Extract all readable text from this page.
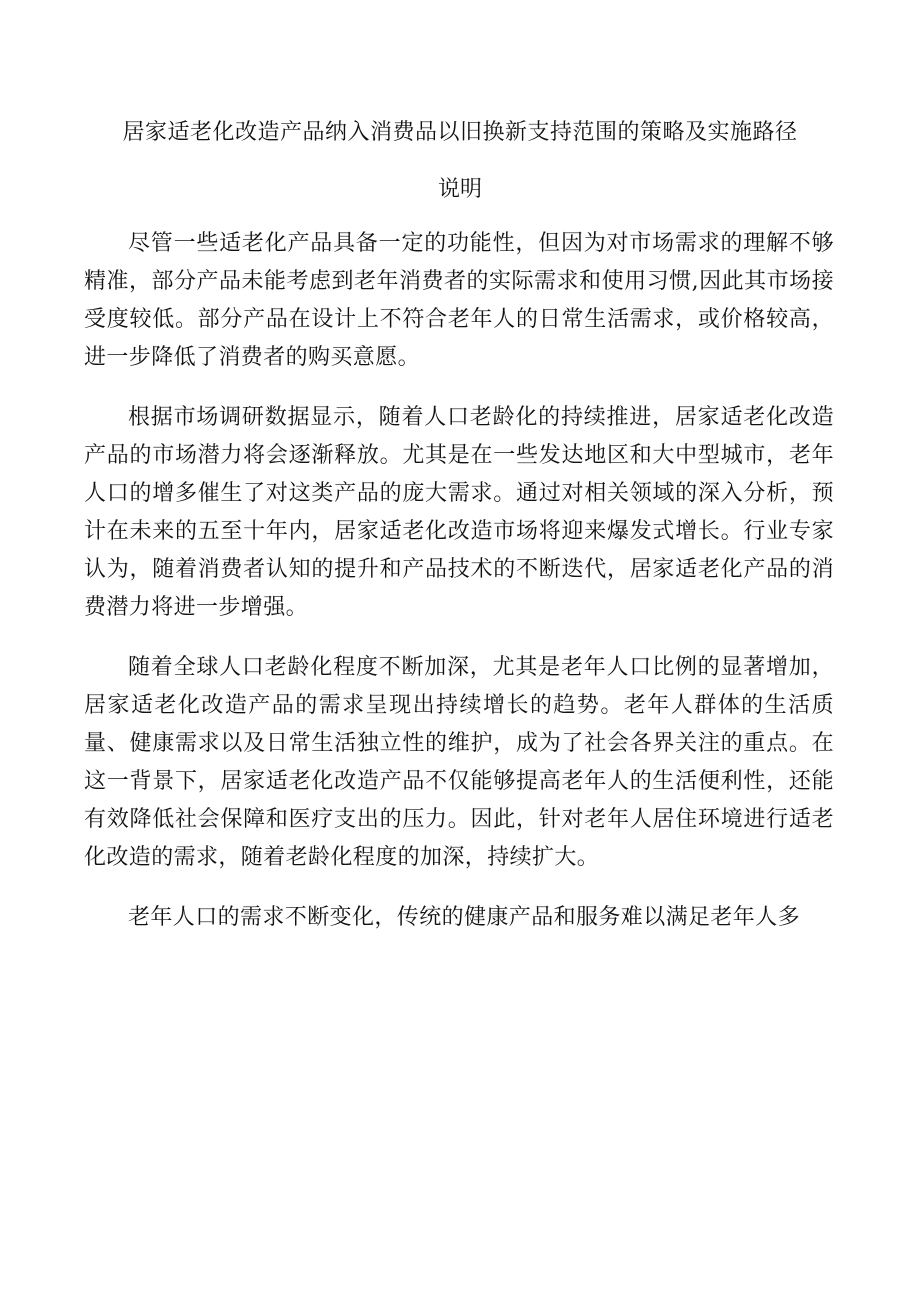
居家适老化改造产品纳入消费品以旧换新支持范围的策略及实施路径
说明

尽管一些适老化产品具备一定的功能性，但因为对市场需求的理解不够精准，部分产品未能考虑到老年消费者的实际需求和使用习惯,因此其市场接受度较低。部分产品在设计上不符合老年人的日常生活需求，或价格较高，进一步降低了消费者的购买意愿。

根据市场调研数据显示，随着人口老龄化的持续推进，居家适老化改造产品的市场潜力将会逐渐释放。尤其是在一些发达地区和大中型城市，老年人口的增多催生了对这类产品的庞大需求。通过对相关领域的深入分析，预计在未来的五至十年内，居家适老化改造市场将迎来爆发式增长。行业专家认为，随着消费者认知的提升和产品技术的不断迭代，居家适老化产品的消费潜力将进一步增强。

随着全球人口老龄化程度不断加深，尤其是老年人口比例的显著增加，居家适老化改造产品的需求呈现出持续增长的趋势。老年人群体的生活质量、健康需求以及日常生活独立性的维护，成为了社会各界关注的重点。在这一背景下，居家适老化改造产品不仅能够提高老年人的生活便利性，还能有效降低社会保障和医疗支出的压力。因此，针对老年人居住环境进行适老化改造的需求，随着老龄化程度的加深，持续扩大。

老年人口的需求不断变化，传统的健康产品和服务难以满足老年人多
